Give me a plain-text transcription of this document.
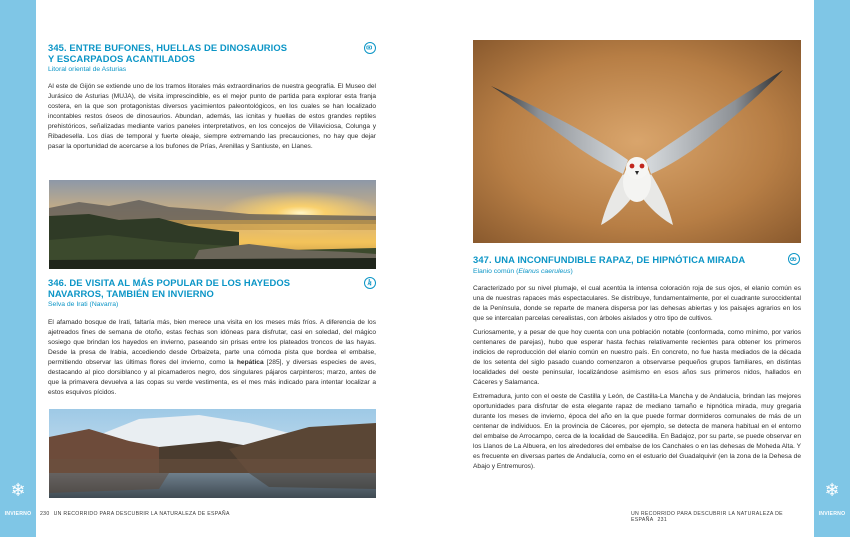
❄
INVIERNO
❄
INVIERNO
345. ENTRE BUFONES, HUELLAS DE DINOSAURIOS
Y ESCARPADOS ACANTILADOS
Litoral oriental de Asturias

Al este de Gijón se extiende uno de los tramos litorales más extraordinarios de nuestra geografía. El Museo del Jurásico de Asturias (MUJA), de visita imprescindible, es el mejor punto de partida para explorar esta franja costera, en la que son protagonistas diversos yacimientos paleontológicos, en los cuales se han localizado incontables restos óseos de dinosaurios. Abundan, además, las icnitas y huellas de estos grandes reptiles prehistóricos, señalizadas mediante varios paneles interpretativos, en los concejos de Villaviciosa, Colunga y Ribadesella. Los días de temporal y fuerte oleaje, siempre extremando las precauciones, no hay que dejar pasar la oportunidad de acercarse a los bufones de Prías, Arenillas y Santiuste, en Llanes.

346. DE VISITA AL MÁS POPULAR DE LOS HAYEDOS
NAVARROS, TAMBIÉN EN INVIERNO
Selva de Irati (Navarra)

El afamado bosque de Irati, faltaría más, bien merece una visita en los meses más fríos. A diferencia de los ajetreados fines de semana de otoño, estas fechas son idóneas para disfrutar, casi en soledad, del mágico sosiego que brindan los hayedos en invierno, paseando sin prisas entre los plateados troncos de las hayas. Desde la presa de Irabia, accediendo desde Orbaizeta, parte una cómoda pista que bordea el embalse, permitiendo observar las últimas flores del invierno, como la hepática [285], y diversas especies de aves, destacando al pico dorsiblanco y al picamaderos negro, dos singulares pájaros carpinteros; marzo, antes de que la primavera devuelva a las copas su verde vestimenta, es el mes más indicado para intentar localizar a estos esquivos pícidos.

230 UN RECORRIDO PARA DESCUBRIR LA NATURALEZA DE ESPAÑA
347. UNA INCONFUNDIBLE RAPAZ, DE HIPNÓTICA MIRADA
Elanio común (Elanus caeruleus)

Caracterizado por su nivel plumaje, el cual acentúa la intensa coloración roja de sus ojos, el elanio común es una de nuestras rapaces más espectaculares. Se distribuye, fundamentalmente, por el cuadrante suroccidental de la Península, donde se reparte de manera dispersa por las dehesas abiertas y los paisajes agrarios en los que se intercalan parcelas cerealistas, con árboles aislados y otro tipo de cultivos.

Curiosamente, y a pesar de que hoy cuenta con una población notable (conformada, como mínimo, por varios centenares de parejas), hubo que esperar hasta fechas relativamente recientes para obtener los primeros indicios de reproducción del elanio común en nuestro país. En concreto, no fue hasta mediados de la década de los setenta del siglo pasado cuando comenzaron a observarse pequeños grupos familiares, en distintas localidades del oeste peninsular, localizándose asimismo en esos años sus primeros nidos, hallados en Cáceres y Salamanca.

Extremadura, junto con el oeste de Castilla y León, de Castilla-La Mancha y de Andalucía, brindan las mejores oportunidades para disfrutar de esta elegante rapaz de mediano tamaño e hipnótica mirada, muy gregaria durante los meses de invierno, época del año en la que puede formar dormideros comunales de más de un centenar de individuos. En la provincia de Cáceres, por ejemplo, se detecta de manera habitual en el entorno del embalse de Arrocampo, cerca de la localidad de Saucedilla. En Badajoz, por su parte, se puede observar en los Llanos de La Albuera, en los alrededores del embalse de los Canchales o en las dehesas de Moheda Alta. Y es frecuente en diversas partes de Andalucía, como en el estuario del Guadalquivir (en la zona de la Dehesa de Abajo y Entremuros).

UN RECORRIDO PARA DESCUBRIR LA NATURALEZA DE ESPAÑA 231
